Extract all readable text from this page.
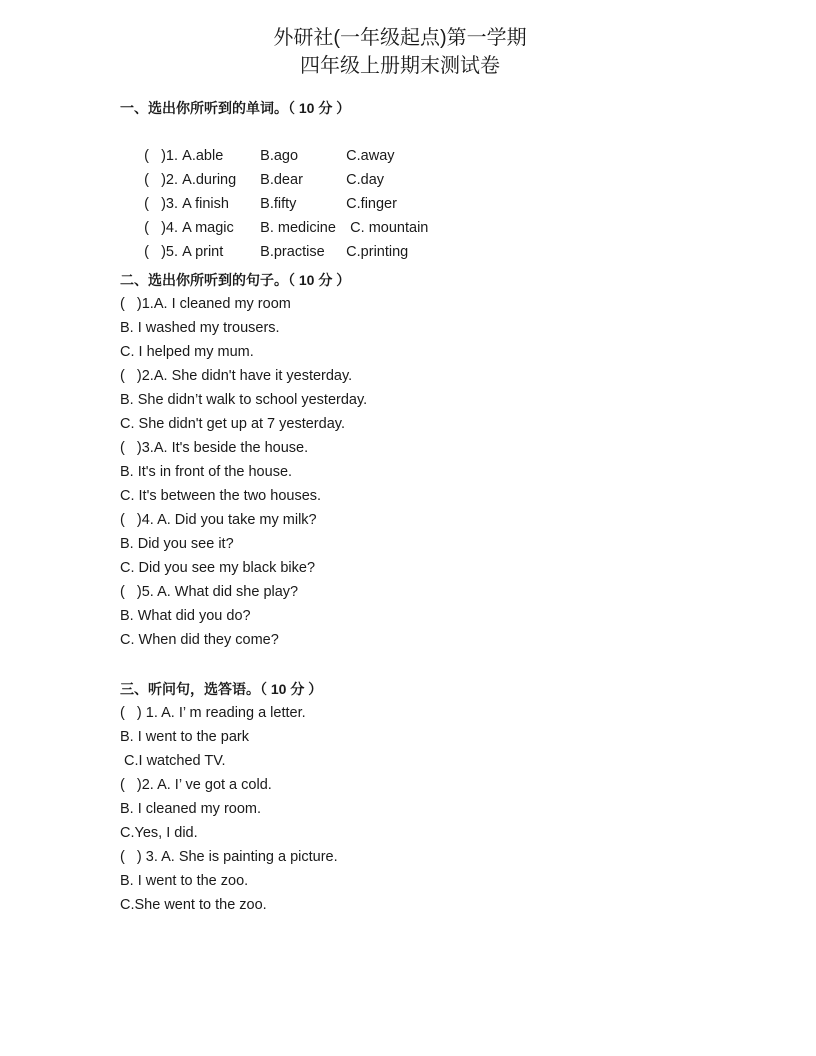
外研社(一年级起点)第一学期
四年级上册期末测试卷
一、选出你所听到的单词。（ 10 分 ）

(   )1. A.able	B.ago	C.away

(   )2. A.during B.dear	C.day

(   )3. A finish B.fifty	C.finger

(   )4. A magic B. medicine C. mountain

(   )5. A print	B.practise C.printing

二、选出你所听到的句子。（ 10 分 ）
(   )1.A. I cleaned my room
B. I washed my trousers.
C. I helped my mum.
(   )2.A. She didn't have it yesterday.
B. She didn’t walk to school yesterday.
C. She didn't get up at 7 yesterday.
(   )3.A. It's beside the house.
B. It's in front of the house.
C. It's between the two houses.
(   )4. A. Did you take my milk?
B. Did you see it?
C. Did you see my black bike?
(   )5. A. What did she play?
B. What did you do?
C. When did they come?
三、听问句，选答语。（ 10 分 ）
(   ) 1. A. I’ m reading a letter.
B. I went to the park
C.I watched TV.
(   )2. A. I’ ve got a cold.
B. I cleaned my room.
C.Yes, I did.
(   ) 3. A. She is painting a picture.
B. I went to the zoo.
C.She went to the zoo.
